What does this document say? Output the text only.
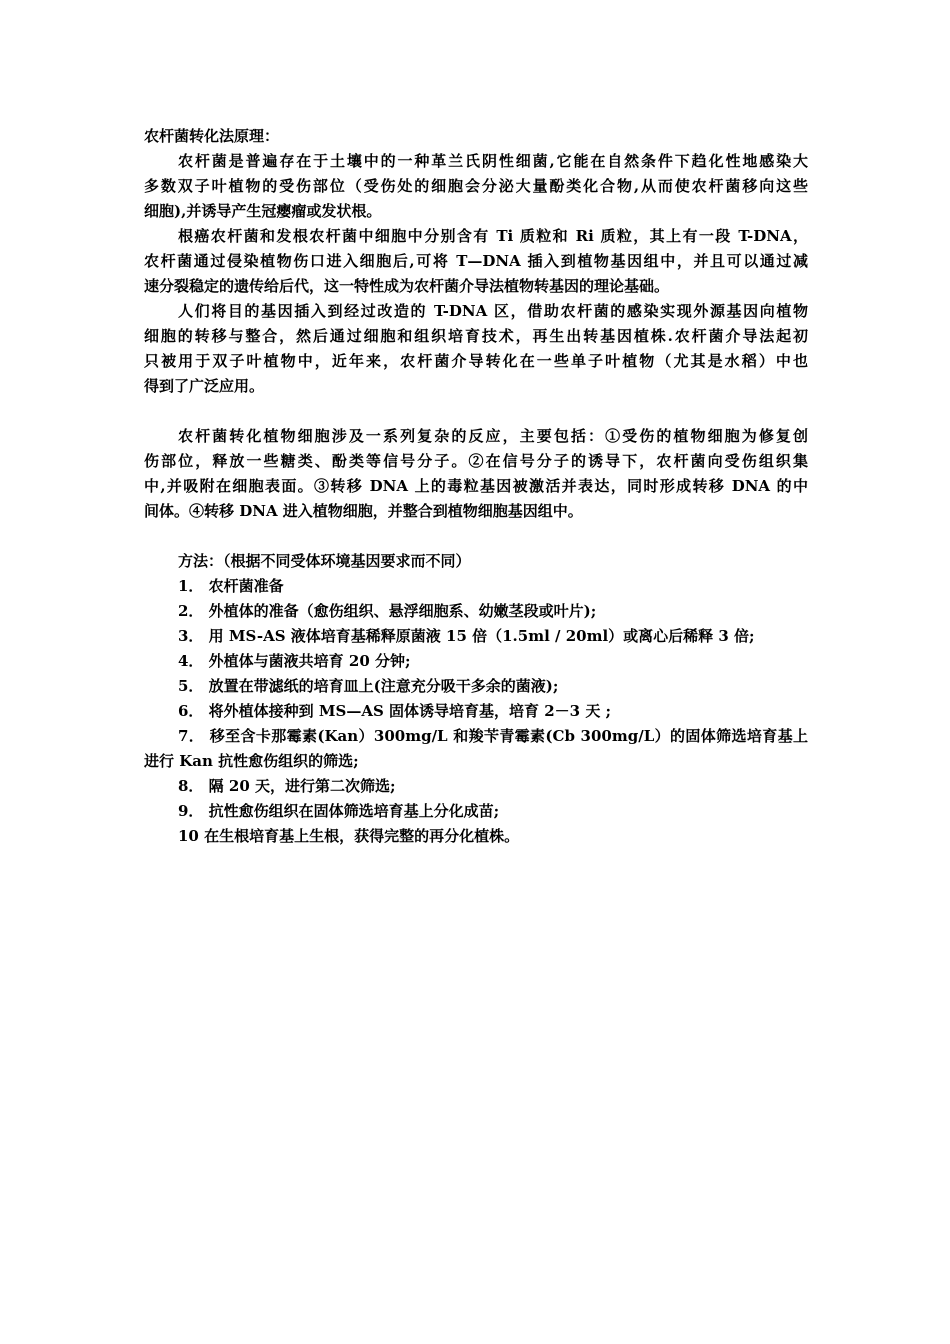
农杆菌转化法原理：
农杆菌是普遍存在于土壤中的一种革兰氏阴性细菌,它能在自然条件下趋化性地感染大
多数双子叶植物的受伤部位（受伤处的细胞会分泌大量酚类化合物,从而使农杆菌移向这些
细胞),并诱导产生冠瘿瘤或发状根。
根癌农杆菌和发根农杆菌中细胞中分别含有 Ti 质粒和 Ri 质粒，其上有一段 T-DNA，
农杆菌通过侵染植物伤口进入细胞后,可将 T—DNA 插入到植物基因组中，并且可以通过减
速分裂稳定的遗传给后代，这一特性成为农杆菌介导法植物转基因的理论基础。
人们将目的基因插入到经过改造的 T-DNA 区，借助农杆菌的感染实现外源基因向植物
细胞的转移与整合，然后通过细胞和组织培育技术，再生出转基因植株.农杆菌介导法起初
只被用于双子叶植物中，近年来，农杆菌介导转化在一些单子叶植物（尤其是水稻）中也
得到了广泛应用。
农杆菌转化植物细胞涉及一系列复杂的反应，主要包括：①受伤的植物细胞为修复创
伤部位，释放一些糖类、酚类等信号分子。②在信号分子的诱导下，农杆菌向受伤组织集
中,并吸附在细胞表面。③转移 DNA 上的毒粒基因被激活并表达，同时形成转移 DNA 的中
间体。④转移 DNA 进入植物细胞，并整合到植物细胞基因组中。
方法：（根据不同受体环境基因要求而不同）
1． 农杆菌准备
2． 外植体的准备（愈伤组织、悬浮细胞系、幼嫩茎段或叶片);
3． 用 MS-AS 液体培育基稀释原菌液 15 倍（1.5ml / 20ml）或离心后稀释 3 倍;
4． 外植体与菌液共培育 20 分钟;
5． 放置在带滤纸的培育皿上(注意充分吸干多余的菌液);
6． 将外植体接种到 MS—AS 固体诱导培育基，培育 2－3 天 ;
7． 移至含卡那霉素(Kan）300mg/L 和羧苄青霉素(Cb 300mg/L）的固体筛选培育基上
进行 Kan 抗性愈伤组织的筛选;
8． 隔 20 天，进行第二次筛选;
9． 抗性愈伤组织在固体筛选培育基上分化成苗;
10 在生根培育基上生根，获得完整的再分化植株。
